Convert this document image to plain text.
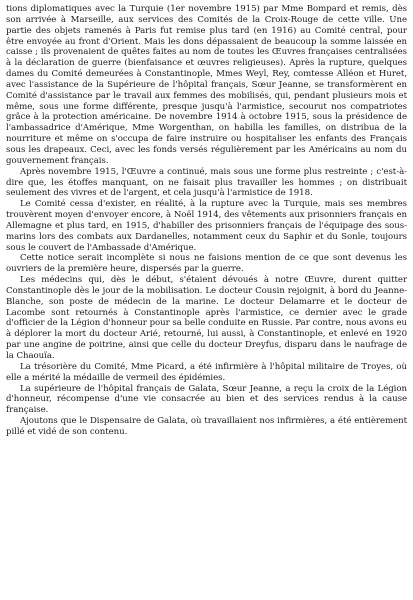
tions diplomatiques avec la Turquie (1er novembre 1915) par Mme Bompard et remis, dès son arrivée à Marseille, aux services des Comités de la Croix-Rouge de cette ville. Une partie des objets ramenés à Paris fut remise plus tard (en 1916) au Comité central, pour être envoyée au front d'Orient. Mais les dons dépassaient de beaucoup la somme laissée en caisse ; ils provenaient de quêtes faites au nom de toutes les Œuvres françaises centralisées à la déclaration de guerre (bienfaisance et œuvres religieuses). Après la rupture, quelques dames du Comité demeurées à Constantinople, Mmes Weyl, Rey, comtesse Alléon et Huret, avec l'assistance de la Supérieure de l'hôpital français, Sœur Jeanne, se transformèrent en Comité d'assistance par le travail aux femmes des mobilisés, qui, pendant plusieurs mois et même, sous une forme différente, presque jusqu'à l'armistice, secourut nos compatriotes grâce à la protection américaine. De novembre 1914 à octobre 1915, sous la présidence de l'ambassadrice d'Amérique, Mme Worgenthan, on habilla les familles, on distribua de la nourriture et même on s'occupa de faire instruire ou hospitaliser les enfants des Français sous les drapeaux. Ceci, avec les fonds versés régulièrement par les Américains au nom du gouvernement français.

Après novembre 1915, l'Œuvre a continué, mais sous une forme plus restreinte ; c'est-à-dire que, les étoffes manquant, on ne faisait plus travailler les hommes ; on distribuait seulement des vivres et de l'argent, et cela jusqu'à l'armistice de 1918.

Le Comité cessa d'exister, en réalité, à la rupture avec la Turquie, mais ses membres trouvèrent moyen d'envoyer encore, à Noël 1914, des vêtements aux prisonniers français en Allemagne et plus tard, en 1915, d'habiller des prisonniers français de l'équipage des sous-marins lors des combats aux Dardanelles, notamment ceux du Saphir et du Sonle, toujours sous le couvert de l'Ambassade d'Amérique.

Cette notice serait incomplète si nous ne faisions mention de ce que sont devenus les ouvriers de la première heure, dispersés par la guerre.

Les médecins qui, dès le début, s'étaient dévoués à notre Œuvre, durent quitter Constantinople dès le jour de la mobilisation. Le docteur Cousin rejoignit, à bord du Jeanne-Blanche, son poste de médecin de la marine. Le docteur Delamarre et le docteur de Lacombe sont retournés à Constantinople après l'armistice, ce dernier avec le grade d'officier de la Légion d'honneur pour sa belle conduite en Russie. Par contre, nous avons eu à déplorer la mort du docteur Arié, retourné, lui aussi, à Constantinople, et enlevé en 1920 par une angine de poitrine, ainsi que celle du docteur Dreyfus, disparu dans le naufrage de la Chaouïa.

La trésorière du Comité, Mme Picard, a été infirmière à l'hôpital militaire de Troyes, où elle a mérité la médaille de vermeil des épidémies.

La supérieure de l'hôpital français de Galata, Sœur Jeanne, a reçu la croix de la Légion d'honneur, récompense d'une vie consacrée au bien et des services rendus à la cause française.

Ajoutons que le Dispensaire de Galata, où travaillaient nos infirmières, a été entièrement pillé et vidé de son contenu.
